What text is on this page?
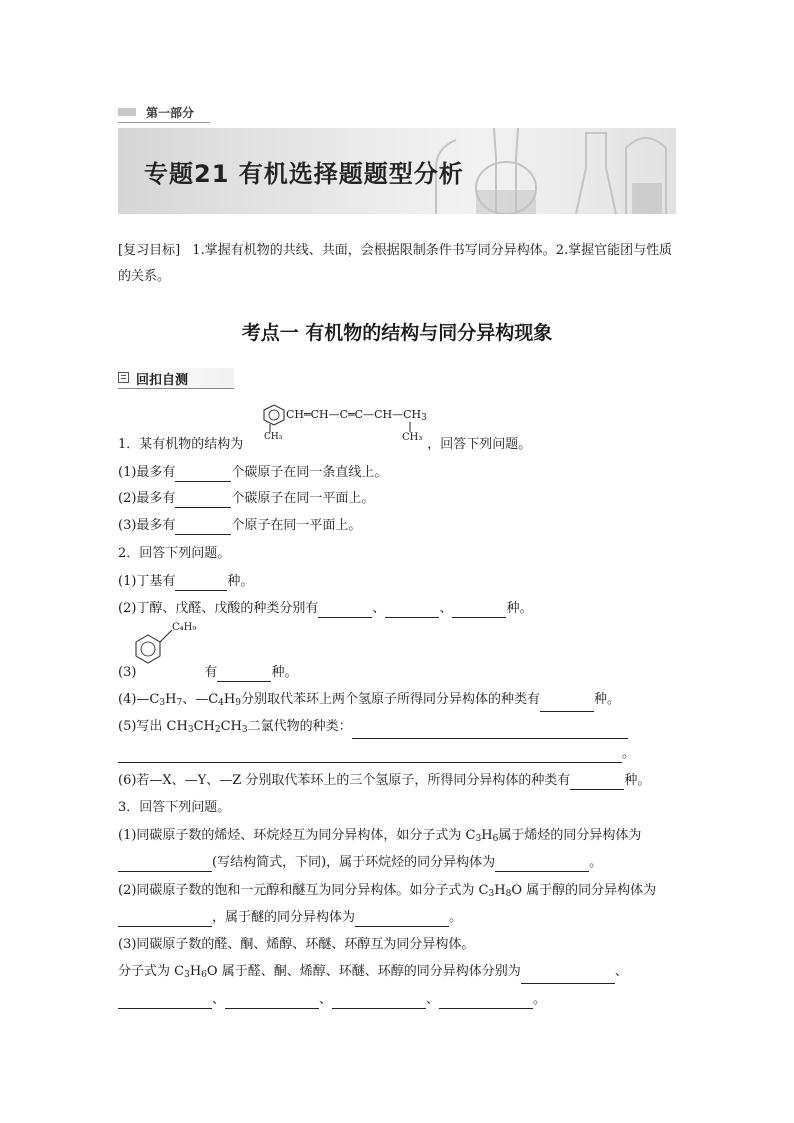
第一部分
专题21 有机选择题题型分析
[复习目标] 1.掌握有机物的共线、共面，会根据限制条件书写同分异构体。2.掌握官能团与性质的关系。
考点一 有机物的结构与同分异构现象
回扣自测
$CH═CH—C═C—CH—CH_3$
CH₃	CH₃
1．某有机物的结构为	，回答下列问题。
(1)最多有	个碳原子在同一条直线上。
(2)最多有	个碳原子在同一平面上。
(3)最多有	个原子在同一平面上。
2．回答下列问题。
(1)丁基有	种。
(2)丁醇、戊醛、戊酸的种类分别有	、	、	种。
C₄H₉
(3)	有	种。
$(4)—C_3H_7$、$—C_4H_9$分别取代苯环上两个氢原子所得同分异构体的种类有	种。
(5)写出 $CH_3CH_2CH_3$二氯代物的种类：
。
(6)若—X、—Y、—Z 分别取代苯环上的三个氢原子，所得同分异构体的种类有	种。
3．回答下列问题。
(1)同碳原子数的烯烃、环烷烃互为同分异构体，如分子式为 $C_3H_6$属于烯烃的同分异构体为
(写结构简式，下同)，属于环烷烃的同分异构体为	。
(2)同碳原子数的饱和一元醇和醚互为同分异构体。如分子式为 $C_3H_8O$ 属于醇的同分异构体为
，属于醚的同分异构体为	。
(3)同碳原子数的醛、酮、烯醇、环醚、环醇互为同分异构体。
分子式为 $C_3H_6O$ 属于醛、酮、烯醇、环醚、环醇的同分异构体分别为	、
、	、	、	。
